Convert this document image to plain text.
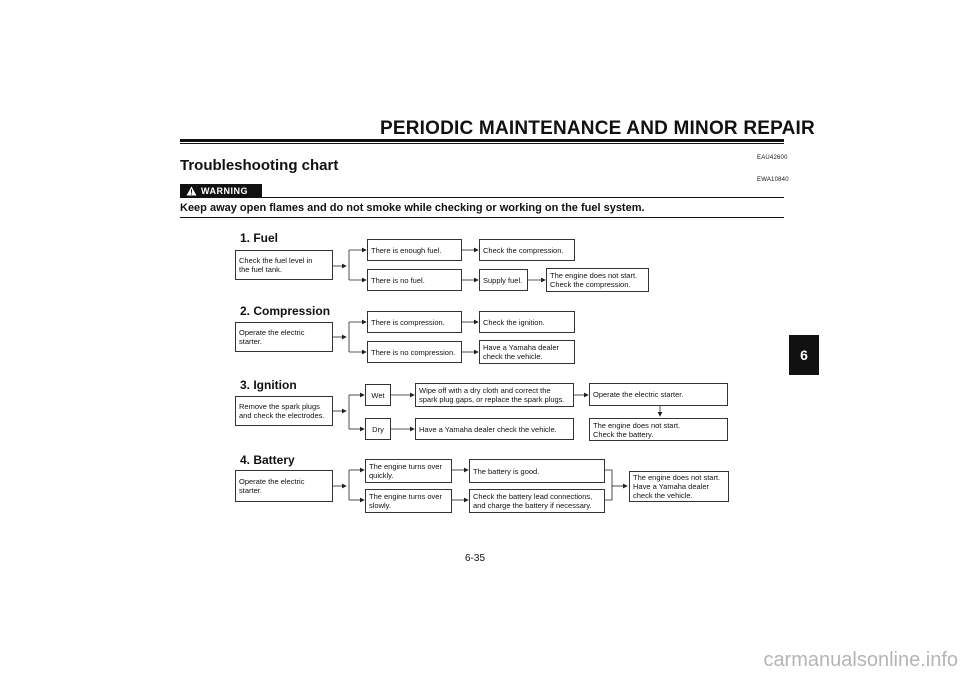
PERIODIC MAINTENANCE AND MINOR REPAIR
EAU42600
Troubleshooting chart
EWA10840
WARNING
Keep away open flames and do not smoke while checking or working on the fuel system.
1. Fuel
Check the fuel level in
the fuel tank.
There is enough fuel.	Check the compression.
There is no fuel.	Supply fuel.	The engine does not start.
Check the compression.
2. Compression
Operate the electric starter.
There is compression.	Check the ignition.
There is no compression.	Have a Yamaha dealer
check the vehicle.
3. Ignition
Remove the spark plugs
and check the electrodes.
Wet	Wipe off with a dry cloth and correct the
spark plug gaps, or replace the spark plugs.
Operate the electric starter.
Dry	Have a Yamaha dealer check the vehicle.	The engine does not start.
Check the battery.
4. Battery
Operate the electric starter.
The engine turns over
quickly.	The battery is good.
The engine turns over
slowly.
Check the battery lead connections,
and charge the battery if necessary.
The engine does not start.
Have a Yamaha dealer
check the vehicle.
6
6-35
carmanualsonline.info
